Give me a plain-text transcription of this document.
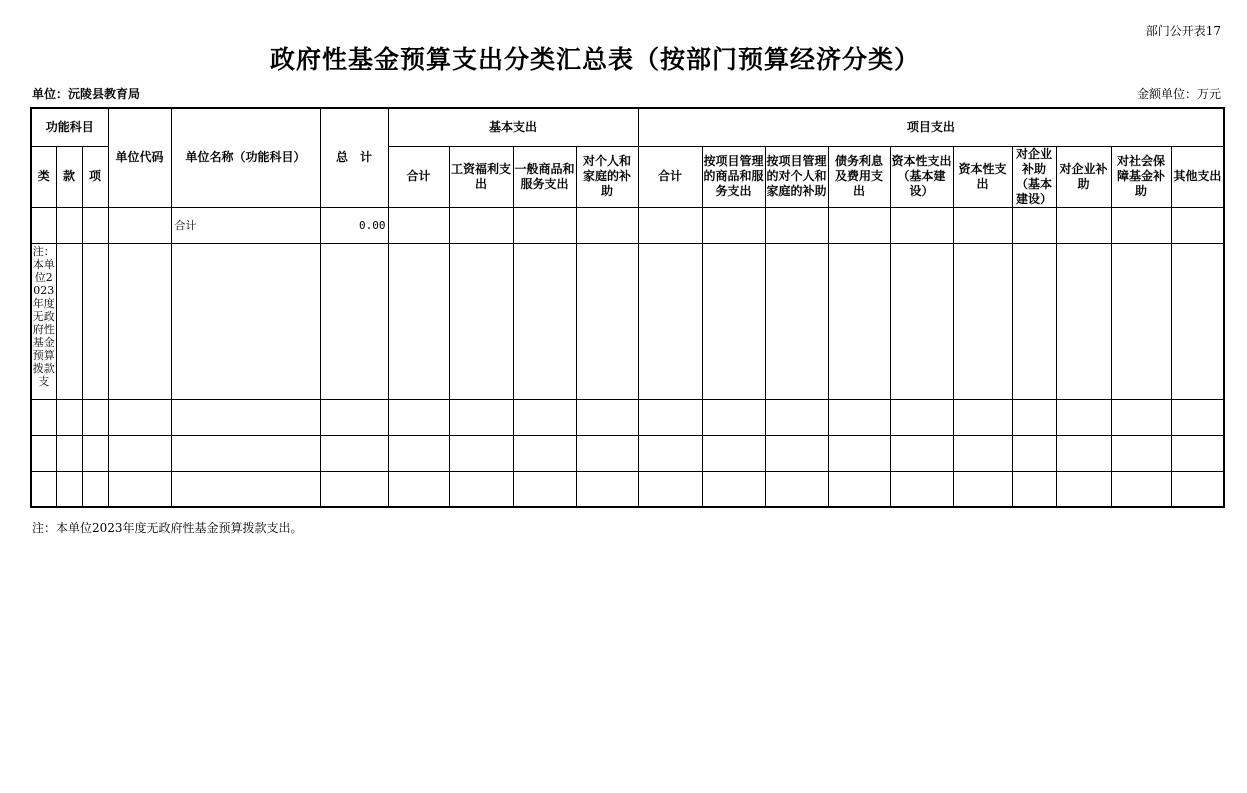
部门公开表17
政府性基金预算支出分类汇总表（按部门预算经济分类）
单位：沅陵县教育局	金额单位：万元
功能科目			单位代码	单位名称（功能科目）	总　计	基本支出				项目支出									
类	款	项				合计	工资福利支出	一般商品和服务支出	对个人和家庭的补助	合计	按项目管理的商品和服务支出	按项目管理的对个人和家庭的补助	债务利息及费用支出	资本性支出（基本建设）	资本性支出	对企业补助（基本建设）	对企业补助	对社会保障基金补助	其他支出
				合计	0.00														
注：本单位2023年度无政府性基金预算拨款支																			

注：本单位2023年度无政府性基金预算拨款支出。
